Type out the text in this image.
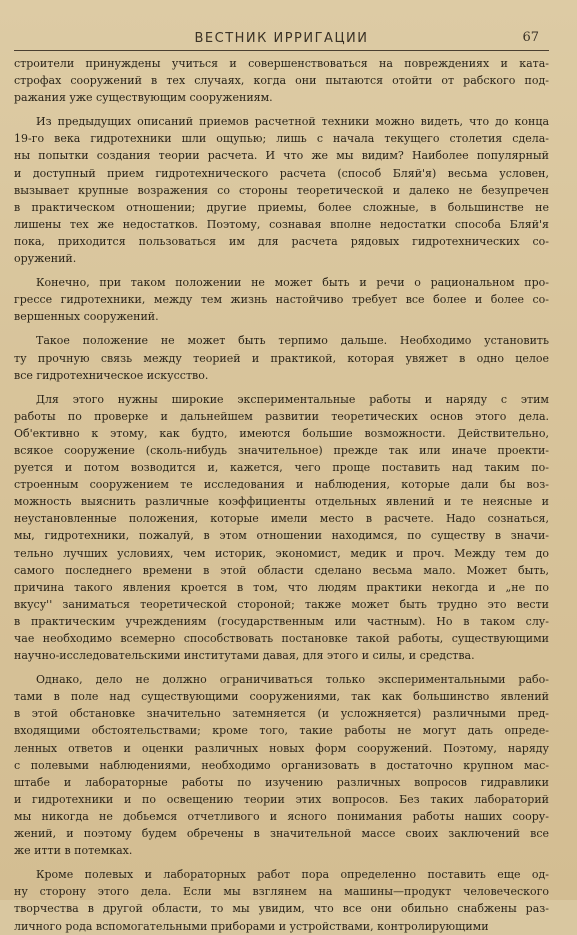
ВЕСТНИК ИРРИГАЦИИ	67

строители принуждены учиться и совершенствоваться на повреждениях и ката-
строфах сооружений в тех случаях, когда они пытаются отойти от рабского под-
ражания уже существующим сооружениям.

Из предыдущих описаний приемов расчетной техники можно видеть, что до конца
19-го века гидротехники шли ощупью; лишь с начала текущего столетия сдела-
ны попытки создания теории расчета. И что же мы видим? Наиболее популярный
и доступный прием гидротехнического расчета (способ Бляй'я) весьма условен,
вызывает крупные возражения со стороны теоретической и далеко не безупречен
в практическом отношении; другие приемы, более сложные, в большинстве не
лишены тех же недостатков. Поэтому, сознавая вполне недостатки способа Бляй'я
пока, приходится пользоваться им для расчета рядовых гидротехнических со-
оружений.

Конечно, при таком положении не может быть и речи о рациональном про-
грессе гидротехники, между тем жизнь настойчиво требует все более и более со-
вершенных сооружений.

Такое положение не может быть терпимо дальше. Необходимо установить
ту прочную связь между теорией и практикой, которая увяжет в одно целое
все гидротехническое искусство.

Для этого нужны широкие экспериментальные работы и наряду с этим
работы по проверке и дальнейшем развитии теоретических основ этого дела.
Об'ективно к этому, как будто, имеются большие возможности. Действительно,
всякое сооружение (сколь-нибудь значительное) прежде так или иначе проекти-
руется и потом возводится и, кажется, чего проще поставить над таким по-
строенным сооружением те исследования и наблюдения, которые дали бы воз-
можность выяснить различные коэффициенты отдельных явлений и те неясные и
неустановленные положения, которые имели место в расчете. Надо сознаться,
мы, гидротехники, пожалуй, в этом отношении находимся, по существу в значи-
тельно лучших условиях, чем историк, экономист, медик и проч. Между тем до
самого последнего времени в этой области сделано весьма мало. Может быть,
причина такого явления кроется в том, что людям практики некогда и „не по
вкусу'' заниматься теоретической стороной; также может быть трудно это вести
в практическим учреждениям (государственным или частным). Но в таком слу-
чае необходимо всемерно способствовать постановке такой работы, существующими
научно-исследовательскими институтами давая, для этого и силы, и средства.

Однако, дело не должно ограничиваться только экспериментальными рабо-
тами в поле над существующими сооружениями, так как большинство явлений
в этой обстановке значительно затемняется (и усложняется) различными пред-
входящими обстоятельствами; кроме того, такие работы не могут дать опреде-
ленных ответов и оценки различных новых форм сооружений. Поэтому, наряду
с полевыми наблюдениями, необходимо организовать в достаточно крупном мас-
штабе и лабораторные работы по изучению различных вопросов гидравлики
и гидротехники и по освещению теории этих вопросов. Без таких лабораторий
мы никогда не добьемся отчетливого и ясного понимания работы наших соору-
жений, и поэтому будем обречены в значительной массе своих заключений все
же итти в потемках.

Кроме полевых и лабораторных работ пора определенно поставить еще од-
ну сторону этого дела. Если мы взглянем на машины—продукт человеческого
творчества в другой области, то мы увидим, что все они обильно снабжены раз-
личного рода вспомогательными приборами и устройствами, контролирующими
